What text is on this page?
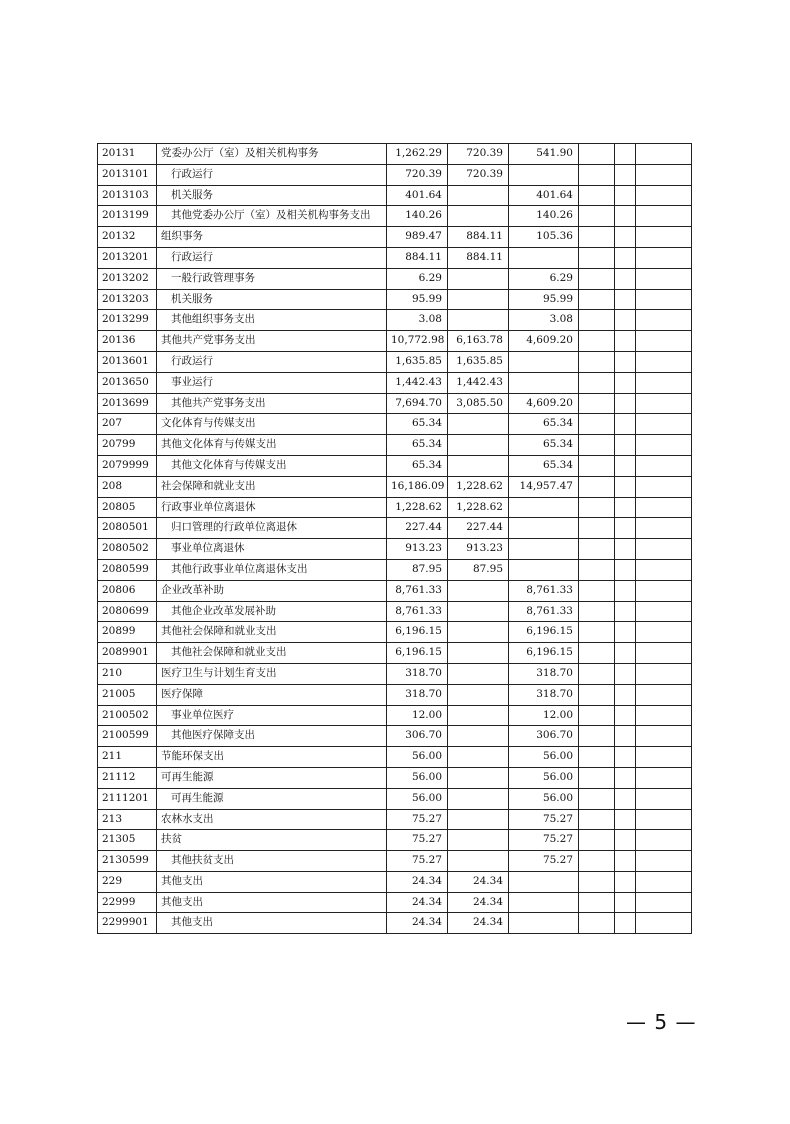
20131	党委办公厅（室）及相关机构事务	1,262.29	720.39	541.90			
2013101	行政运行	720.39	720.39				
2013103	机关服务	401.64		401.64			
2013199	其他党委办公厅（室）及相关机构事务支出	140.26		140.26			
20132	组织事务	989.47	884.11	105.36			
2013201	行政运行	884.11	884.11				
2013202	一般行政管理事务	6.29		6.29			
2013203	机关服务	95.99		95.99			
2013299	其他组织事务支出	3.08		3.08			
20136	其他共产党事务支出	10,772.98	6,163.78	4,609.20			
2013601	行政运行	1,635.85	1,635.85				
2013650	事业运行	1,442.43	1,442.43				
2013699	其他共产党事务支出	7,694.70	3,085.50	4,609.20			
207	文化体育与传媒支出	65.34		65.34			
20799	其他文化体育与传媒支出	65.34		65.34			
2079999	其他文化体育与传媒支出	65.34		65.34			
208	社会保障和就业支出	16,186.09	1,228.62	14,957.47			
20805	行政事业单位离退休	1,228.62	1,228.62				
2080501	归口管理的行政单位离退休	227.44	227.44				
2080502	事业单位离退休	913.23	913.23				
2080599	其他行政事业单位离退休支出	87.95	87.95				
20806	企业改革补助	8,761.33		8,761.33			
2080699	其他企业改革发展补助	8,761.33		8,761.33			
20899	其他社会保障和就业支出	6,196.15		6,196.15			
2089901	其他社会保障和就业支出	6,196.15		6,196.15			
210	医疗卫生与计划生育支出	318.70		318.70			
21005	医疗保障	318.70		318.70			
2100502	事业单位医疗	12.00		12.00			
2100599	其他医疗保障支出	306.70		306.70			
211	节能环保支出	56.00		56.00			
21112	可再生能源	56.00		56.00			
2111201	可再生能源	56.00		56.00			
213	农林水支出	75.27		75.27			
21305	扶贫	75.27		75.27			
2130599	其他扶贫支出	75.27		75.27			
229	其他支出	24.34	24.34				
22999	其他支出	24.34	24.34				
2299901	其他支出	24.34	24.34				
— 5 —
